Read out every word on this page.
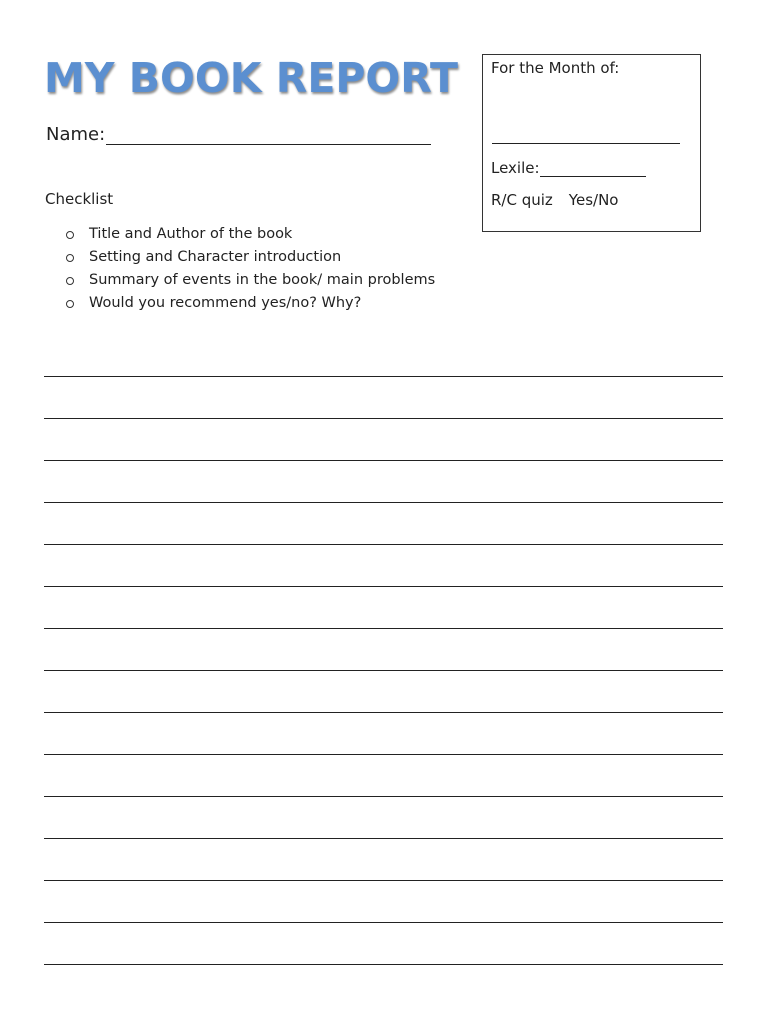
MY BOOK REPORT
Name:
Checklist
Title and Author of the book
Setting and Character introduction
Summary of events in the book/ main problems
Would you recommend yes/no? Why?
For the Month of:
Lexile:
R/C quiz Yes/No
